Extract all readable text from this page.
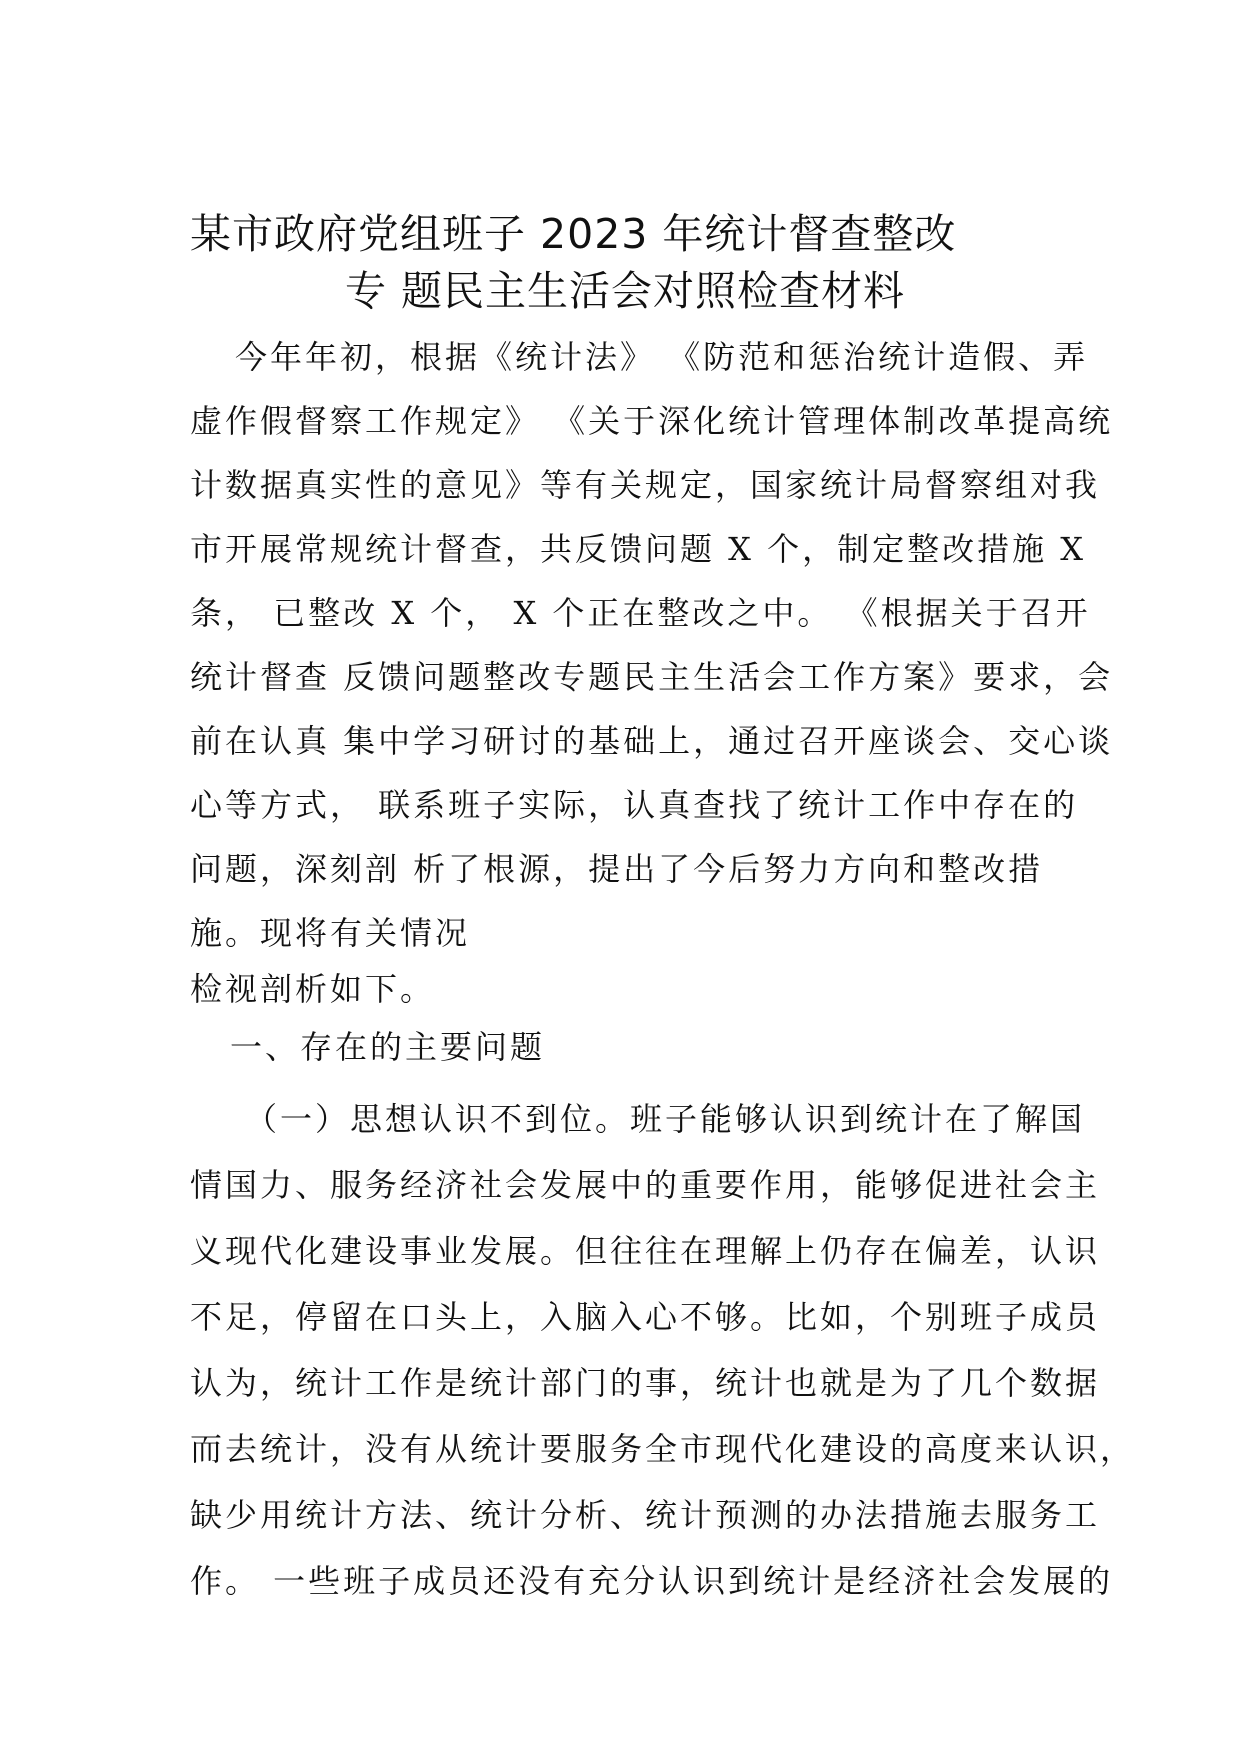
某市政府党组班子 2023 年统计督查整改
专 题民主生活会对照检查材料
今年年初，根据《统计法》 《防范和惩治统计造假、弄
虚作假督察工作规定》 《关于深化统计管理体制改革提高统
计数据真实性的意见》等有关规定，国家统计局督察组对我
市开展常规统计督查，共反馈问题 X 个，制定整改措施 X
条， 已整改 X 个， X 个正在整改之中。 《根据关于召开
统计督查 反馈问题整改专题民主生活会工作方案》要求，会
前在认真 集中学习研讨的基础上，通过召开座谈会、交心谈
心等方式， 联系班子实际，认真查找了统计工作中存在的
问题，深刻剖 析了根源，提出了今后努力方向和整改措
施。现将有关情况
检视剖析如下。
一、存在的主要问题
（一）思想认识不到位。班子能够认识到统计在了解国
情国力、服务经济社会发展中的重要作用，能够促进社会主
义现代化建设事业发展。但往往在理解上仍存在偏差，认识
不足，停留在口头上，入脑入心不够。比如，个别班子成员
认为，统计工作是统计部门的事，统计也就是为了几个数据
而去统计，没有从统计要服务全市现代化建设的高度来认识，
缺少用统计方法、统计分析、统计预测的办法措施去服务工
作。 一些班子成员还没有充分认识到统计是经济社会发展的
